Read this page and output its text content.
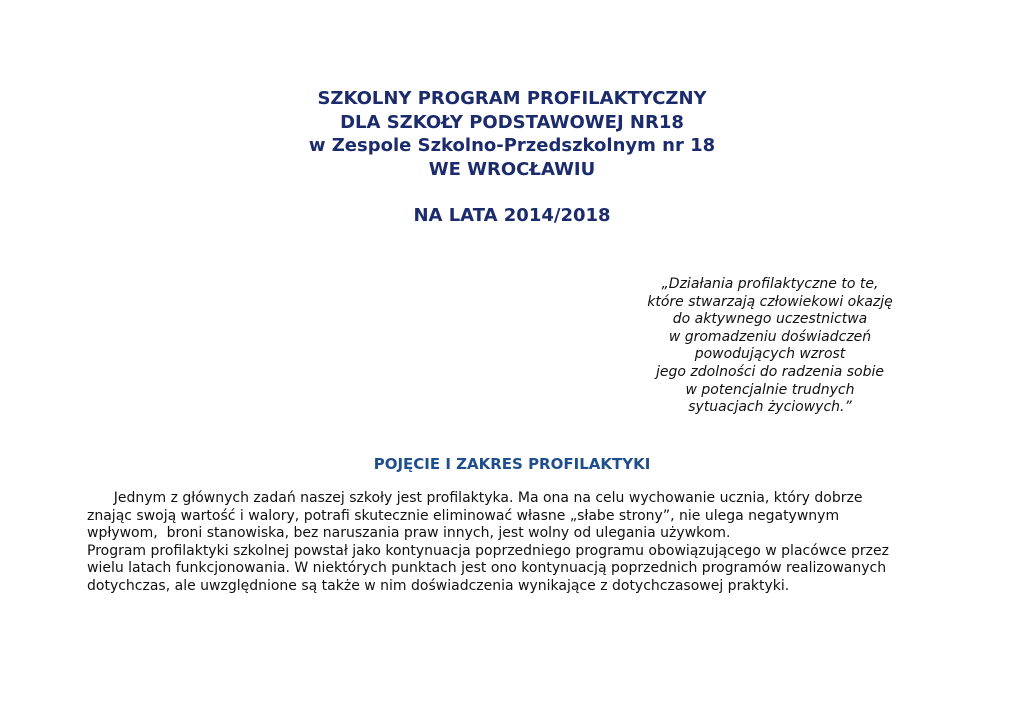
SZKOLNY PROGRAM PROFILAKTYCZNY
DLA SZKOŁY PODSTAWOWEJ NR18
w Zespole Szkolno-Przedszkolnym nr 18
WE WROCŁAWIU
NA LATA 2014/2018
„Działania profilaktyczne to te,
które stwarzają człowiekowi okazję
do aktywnego uczestnictwa
w gromadzeniu doświadczeń
powodujących wzrost
jego zdolności do radzenia sobie
w potencjalnie trudnych
sytuacjach życiowych.”
POJĘCIE I ZAKRES PROFILAKTYKI
Jednym z głównych zadań naszej szkoły jest profilaktyka. Ma ona na celu wychowanie ucznia, który dobrze
znając swoją wartość i walory, potrafi skutecznie eliminować własne „słabe strony”, nie ulega negatywnym
wpływom,  broni stanowiska, bez naruszania praw innych, jest wolny od ulegania używkom.
Program profilaktyki szkolnej powstał jako kontynuacja poprzedniego programu obowiązującego w placówce przez
wielu latach funkcjonowania. W niektórych punktach jest ono kontynuacją poprzednich programów realizowanych
dotychczas, ale uwzględnione są także w nim doświadczenia wynikające z dotychczasowej praktyki.
